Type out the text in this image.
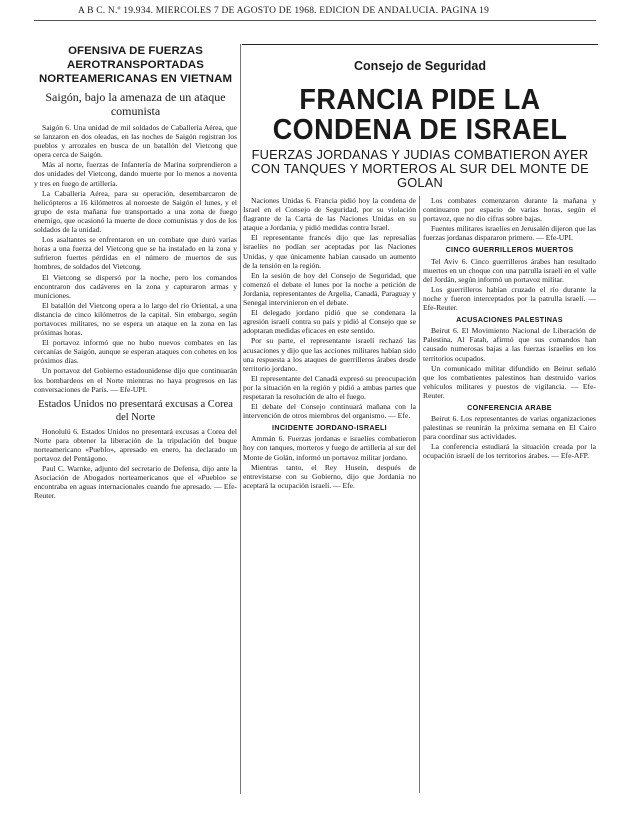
A B C. N.º 19.934. MIERCOLES 7 DE AGOSTO DE 1968. EDICION DE ANDALUCIA. PAGINA 19
OFENSIVA DE FUERZAS AEROTRANSPORTADAS NORTEAMERICANAS EN VIETNAM
Saigón, bajo la amenaza de un ataque comunista

Saigón 6. Una unidad de mil soldados de Caballería Aérea, que se lanzaron en dos oleadas, en las noches de Saigón registran los pueblos y arrozales en busca de un batallón del Vietcong que opera cerca de Saigón.

Más al norte, fuerzas de Infantería de Marina sorprendieron a dos unidades del Vietcong, dando muerte por lo menos a noventa y tres en fuego de artillería.

La Caballería Aérea, para su operación, desembarcaron de helicópteros a 16 kilómetros al noroeste de Saigón el lunes, y el grupo de esta mañana fue transportado a una zona de fuego enemigo, que ocasionó la muerte de doce comunistas y dos de los soldados de la unidad.

Los asaltantes se enfrentaron en un combate que duró varias horas a una fuerza del Vietcong que se ha instalado en la zona y sufrieron fuertes pérdidas en el número de muertos de sus hombres, de soldados del Vietcong.

El Vietcong se dispersó por la noche, pero los comandos encontraron dos cadáveres en la zona y capturaron armas y municiones.

El batallón del Vietcong opera a lo largo del río Oriental, a una distancia de cinco kilómetros de la capital. Sin embargo, según portavoces militares, no se espera un ataque en la zona en las próximas horas.

El portavoz informó que no hubo nuevos combates en las cercanías de Saigón, aunque se esperan ataques con cohetes en los próximos días.

Un portavoz del Gobierno estadounidense dijo que continuarán los bombardeos en el Norte mientras no haya progresos en las conversaciones de París. — Efe-UPI.

Estados Unidos no presentará excusas a Corea del Norte

Honolulú 6. Estados Unidos no presentará excusas a Corea del Norte para obtener la liberación de la tripulación del buque norteamericano «Pueblo», apresado en enero, ha declarado un portavoz del Pentágono.

Paul C. Warnke, adjunto del secretario de Defensa, dijo ante la Asociación de Abogados norteamericanos que el «Pueblo» se encontraba en aguas internacionales cuando fue apresado. — Efe-Reuter.

Consejo de Seguridad
FRANCIA PIDE LA CONDENA DE ISRAEL
FUERZAS JORDANAS Y JUDIAS COMBATIERON AYER CON TANQUES Y MORTEROS AL SUR DEL MONTE DE GOLAN

Naciones Unidas 6. Francia pidió hoy la condena de Israel en el Consejo de Seguridad, por su violación flagrante de la Carta de las Naciones Unidas en su ataque a Jordania, y pidió medidas contra Israel.

El representante francés dijo que las represalias israelíes no podían ser aceptadas por las Naciones Unidas, y que únicamente habían causado un aumento de la tensión en la región.

En la sesión de hoy del Consejo de Seguridad, que comenzó el debate el lunes por la noche a petición de Jordania, representantes de Argelia, Canadá, Paraguay y Senegal intervinieron en el debate.

El delegado jordano pidió que se condenara la agresión israelí contra su país y pidió al Consejo que se adoptaran medidas eficaces en este sentido.

Por su parte, el representante israelí rechazó las acusaciones y dijo que las acciones militares habían sido una respuesta a los ataques de guerrilleros árabes desde territorio jordano.

El representante del Canadá expresó su preocupación por la situación en la región y pidió a ambas partes que respetaran la resolución de alto el fuego.

El debate del Consejo continuará mañana con la intervención de otros miembros del organismo. — Efe.

INCIDENTE JORDANO-ISRAELI

Ammán 6. Fuerzas jordanas e israelíes combatieron hoy con tanques, morteros y fuego de artillería al sur del Monte de Golán, informó un portavoz militar jordano.

Mientras tanto, el Rey Husein, después de entrevistarse con su Gobierno, dijo que Jordania no aceptará la ocupación israelí. — Efe.

Los combates comenzaron durante la mañana y continuaron por espacio de varias horas, según el portavoz, que no dio cifras sobre bajas.

Fuentes militares israelíes en Jerusalén dijeron que las fuerzas jordanas dispararon primero. — Efe-UPI.

CINCO GUERRILLEROS MUERTOS

Tel Aviv 6. Cinco guerrilleros árabes han resultado muertos en un choque con una patrulla israelí en el valle del Jordán, según informó un portavoz militar.

Los guerrilleros habían cruzado el río durante la noche y fueron interceptados por la patrulla israelí. — Efe-Reuter.

ACUSACIONES PALESTINAS

Beirut 6. El Movimiento Nacional de Liberación de Palestina, Al Fatah, afirmó que sus comandos han causado numerosas bajas a las fuerzas israelíes en los territorios ocupados.

Un comunicado militar difundido en Beirut señaló que los combatientes palestinos han destruido varios vehículos militares y puestos de vigilancia. — Efe-Reuter.

CONFERENCIA ARABE

Beirut 6. Los representantes de varias organizaciones palestinas se reunirán la próxima semana en El Cairo para coordinar sus actividades.

La conferencia estudiará la situación creada por la ocupación israelí de los territorios árabes. — Efe-AFP.
